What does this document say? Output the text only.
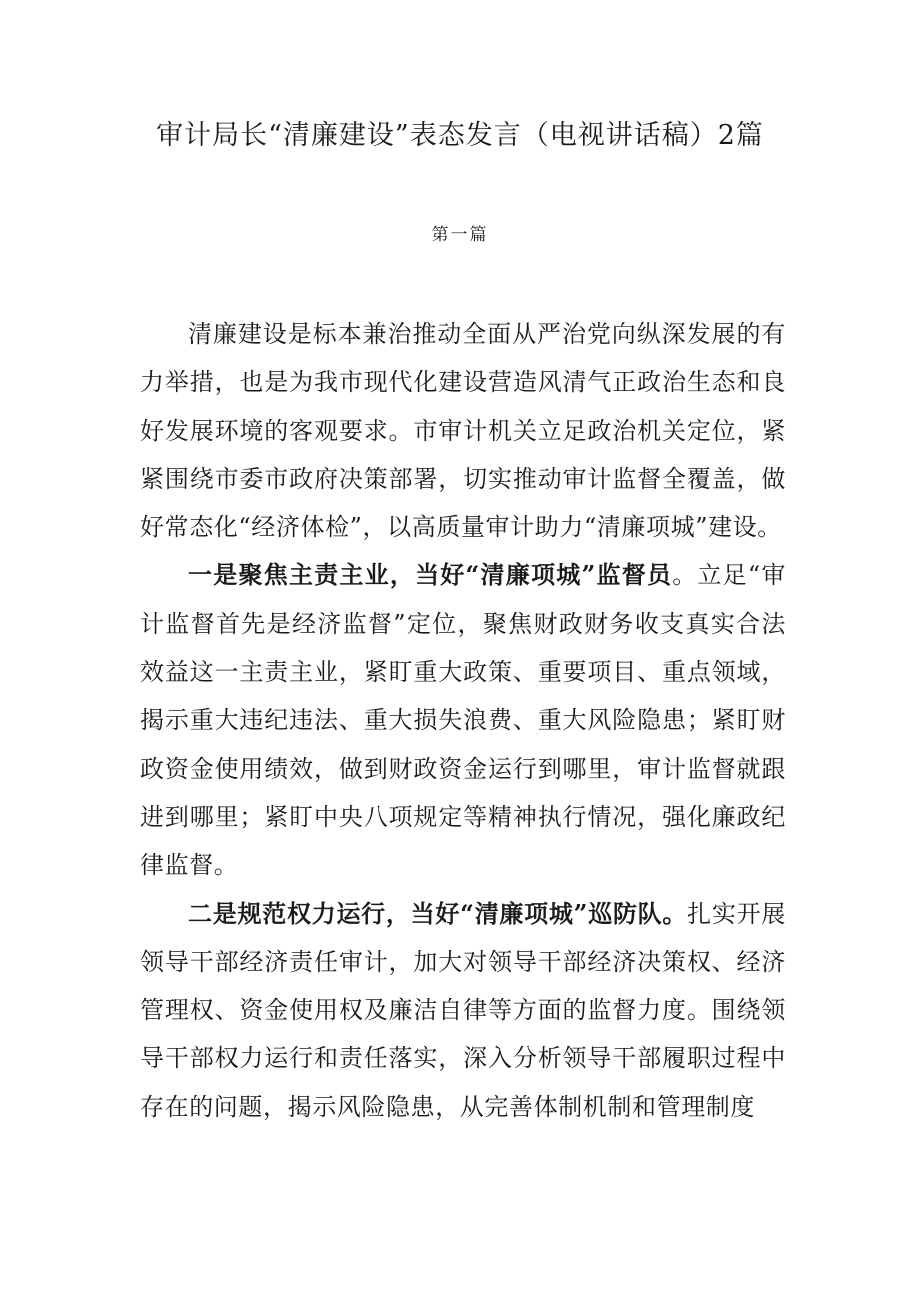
审计局长“清廉建设”表态发言（电视讲话稿）2篇
第一篇

清廉建设是标本兼治推动全面从严治党向纵深发展的有力举措，也是为我市现代化建设营造风清气正政治生态和良好发展环境的客观要求。市审计机关立足政治机关定位，紧紧围绕市委市政府决策部署，切实推动审计监督全覆盖，做好常态化“经济体检”，以高质量审计助力“清廉项城”建设。

一是聚焦主责主业，当好“清廉项城”监督员。立足“审计监督首先是经济监督”定位，聚焦财政财务收支真实合法效益这一主责主业，紧盯重大政策、重要项目、重点领域，揭示重大违纪违法、重大损失浪费、重大风险隐患；紧盯财政资金使用绩效，做到财政资金运行到哪里，审计监督就跟进到哪里；紧盯中央八项规定等精神执行情况，强化廉政纪律监督。

二是规范权力运行，当好“清廉项城”巡防队。扎实开展领导干部经济责任审计，加大对领导干部经济决策权、经济管理权、资金使用权及廉洁自律等方面的监督力度。围绕领导干部权力运行和责任落实，深入分析领导干部履职过程中存在的问题，揭示风险隐患，从完善体制机制和管理制度
